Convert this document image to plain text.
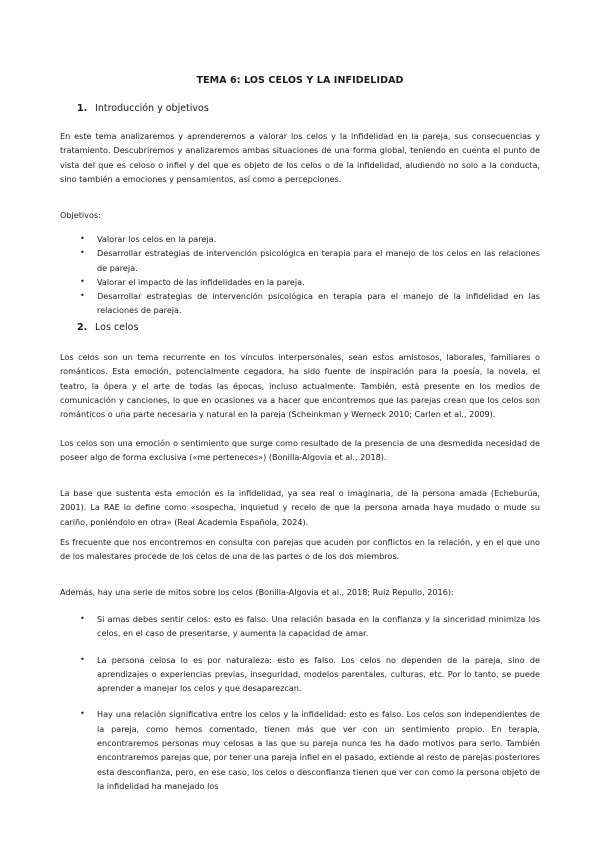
TEMA 6: LOS CELOS Y LA INFIDELIDAD
1. Introducción y objetivos

En este tema analizaremos y aprenderemos a valorar los celos y la infidelidad en la pareja, sus consecuencias y tratamiento. Descubriremos y analizaremos ambas situaciones de una forma global, teniendo en cuenta el punto de vista del que es celoso o infiel y del que es objeto de los celos o de la infidelidad, aludiendo no solo a la conducta, sino también a emociones y pensamientos, así como a percepciones.

Objetivos:

• Valorar los celos en la pareja.
• Desarrollar estrategias de intervención psicológica en terapia para el manejo de los celos en las relaciones de pareja.
• Valorar el impacto de las infidelidades en la pareja.
• Desarrollar estrategias de intervención psicológica en terapia para el manejo de la infidelidad en las relaciones de pareja.
2. Los celos

Los celos son un tema recurrente en los vínculos interpersonales, sean estos amistosos, laborales, familiares o románticos. Esta emoción, potencialmente cegadora, ha sido fuente de inspiración para la poesía, la novela, el teatro, la ópera y el arte de todas las épocas, incluso actualmente. También, está presente en los medios de comunicación y canciones, lo que en ocasiones va a hacer que encontremos que las parejas crean que los celos son románticos o una parte necesaria y natural en la pareja (Scheinkman y Werneck 2010; Carlen et al., 2009).

Los celos son una emoción o sentimiento que surge como resultado de la presencia de una desmedida necesidad de poseer algo de forma exclusiva («me perteneces») (Bonilla-Algovia et al., 2018).

La base que sustenta esta emoción es la infidelidad, ya sea real o imaginaria, de la persona amada (Echeburúa, 2001). La RAE lo define como «sospecha, inquietud y recelo de que la persona amada haya mudado o mude su cariño, poniéndolo en otra» (Real Academia Española, 2024).

Es frecuente que nos encontremos en consulta con parejas que acuden por conflictos en la relación, y en el que uno de los malestares procede de los celos de una de las partes o de los dos miembros.

Además, hay una serie de mitos sobre los celos (Bonilla-Algovia et al., 2018; Ruiz Repullo, 2016):

• Si amas debes sentir celos: esto es falso. Una relación basada en la confianza y la sinceridad minimiza los celos, en el caso de presentarse, y aumenta la capacidad de amar.
• La persona celosa lo es por naturaleza: esto es falso. Los celos no dependen de la pareja, sino de aprendizajes o experiencias previas, inseguridad, modelos parentales, culturas, etc. Por lo tanto, se puede aprender a manejar los celos y que desaparezcan.
• Hay una relación significativa entre los celos y la infidelidad: esto es falso. Los celos son independientes de la pareja, como hemos comentado, tienen más que ver con un sentimiento propio. En terapia, encontraremos personas muy celosas a las que su pareja nunca les ha dado motivos para serlo. También encontraremos parejas que, por tener una pareja infiel en el pasado, extiende al resto de parejas posteriores esta desconfianza, pero, en ese caso, los celos o desconfianza tienen que ver con como la persona objeto de la infidelidad ha manejado los
